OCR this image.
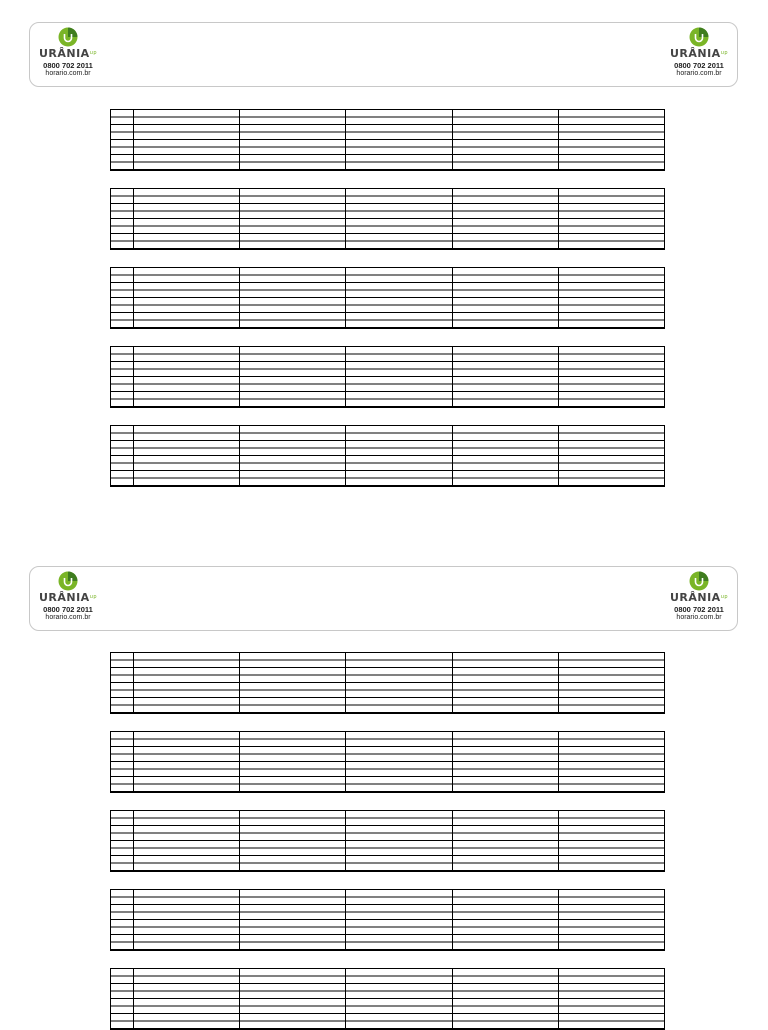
$URÂNIA^{up}$
0800 702 2011
horario.com.br
$URÂNIA^{up}$
0800 702 2011
horario.com.br
$URÂNIA^{up}$
0800 702 2011
horario.com.br
$URÂNIA^{up}$
0800 702 2011
horario.com.br
